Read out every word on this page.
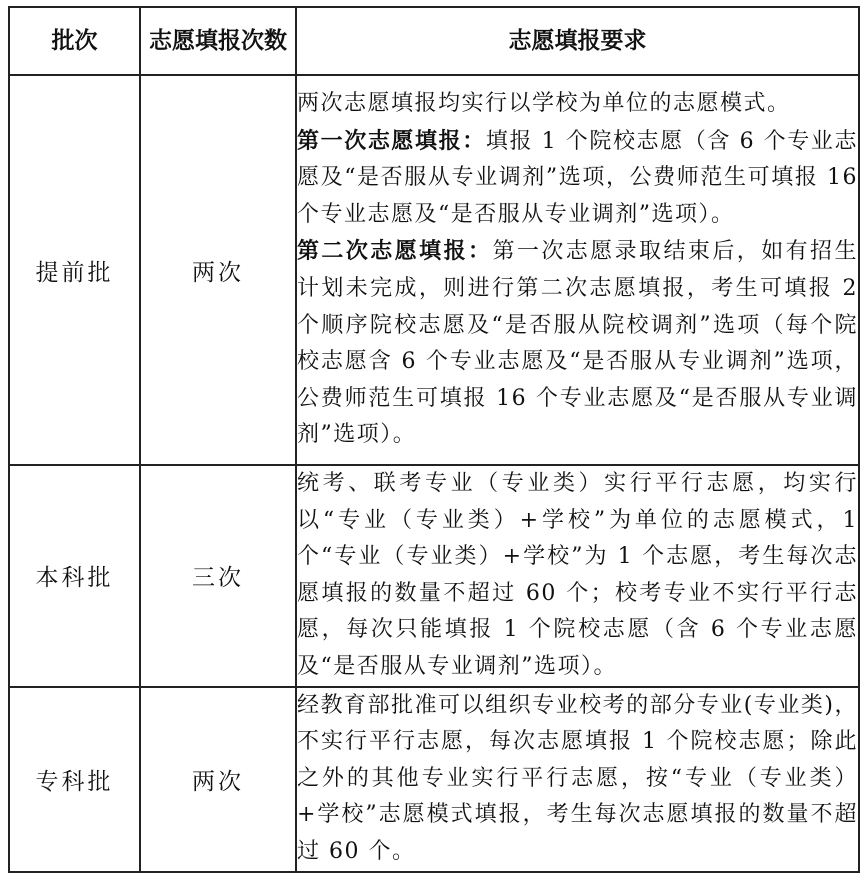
批次	志愿填报次数	志愿填报要求
提前批	两次	两次志愿填报均实行以学校为单位的志愿模式。

第一次志愿填报：填报 1 个院校志愿（含 6 个专业志愿及“是否服从专业调剂”选项，公费师范生可填报 16 个专业志愿及“是否服从专业调剂”选项）。

第二次志愿填报：第一次志愿录取结束后，如有招生计划未完成，则进行第二次志愿填报，考生可填报 2 个顺序院校志愿及“是否服从院校调剂”选项（每个院校志愿含 6 个专业志愿及“是否服从专业调剂”选项，公费师范生可填报 16 个专业志愿及“是否服从专业调剂”选项）。

本科批	三次	统考、联考专业（专业类）实行平行志愿，均实行以“专业（专业类）+学校”为单位的志愿模式，1 个“专业（专业类）+学校”为 1 个志愿，考生每次志愿填报的数量不超过 60 个；校考专业不实行平行志愿，每次只能填报 1 个院校志愿（含 6 个专业志愿及“是否服从专业调剂”选项）。

专科批	两次	经教育部批准可以组织专业校考的部分专业(专业类)，不实行平行志愿，每次志愿填报 1 个院校志愿；除此之外的其他专业实行平行志愿，按“专业（专业类）+学校”志愿模式填报，考生每次志愿填报的数量不超过 60 个。
